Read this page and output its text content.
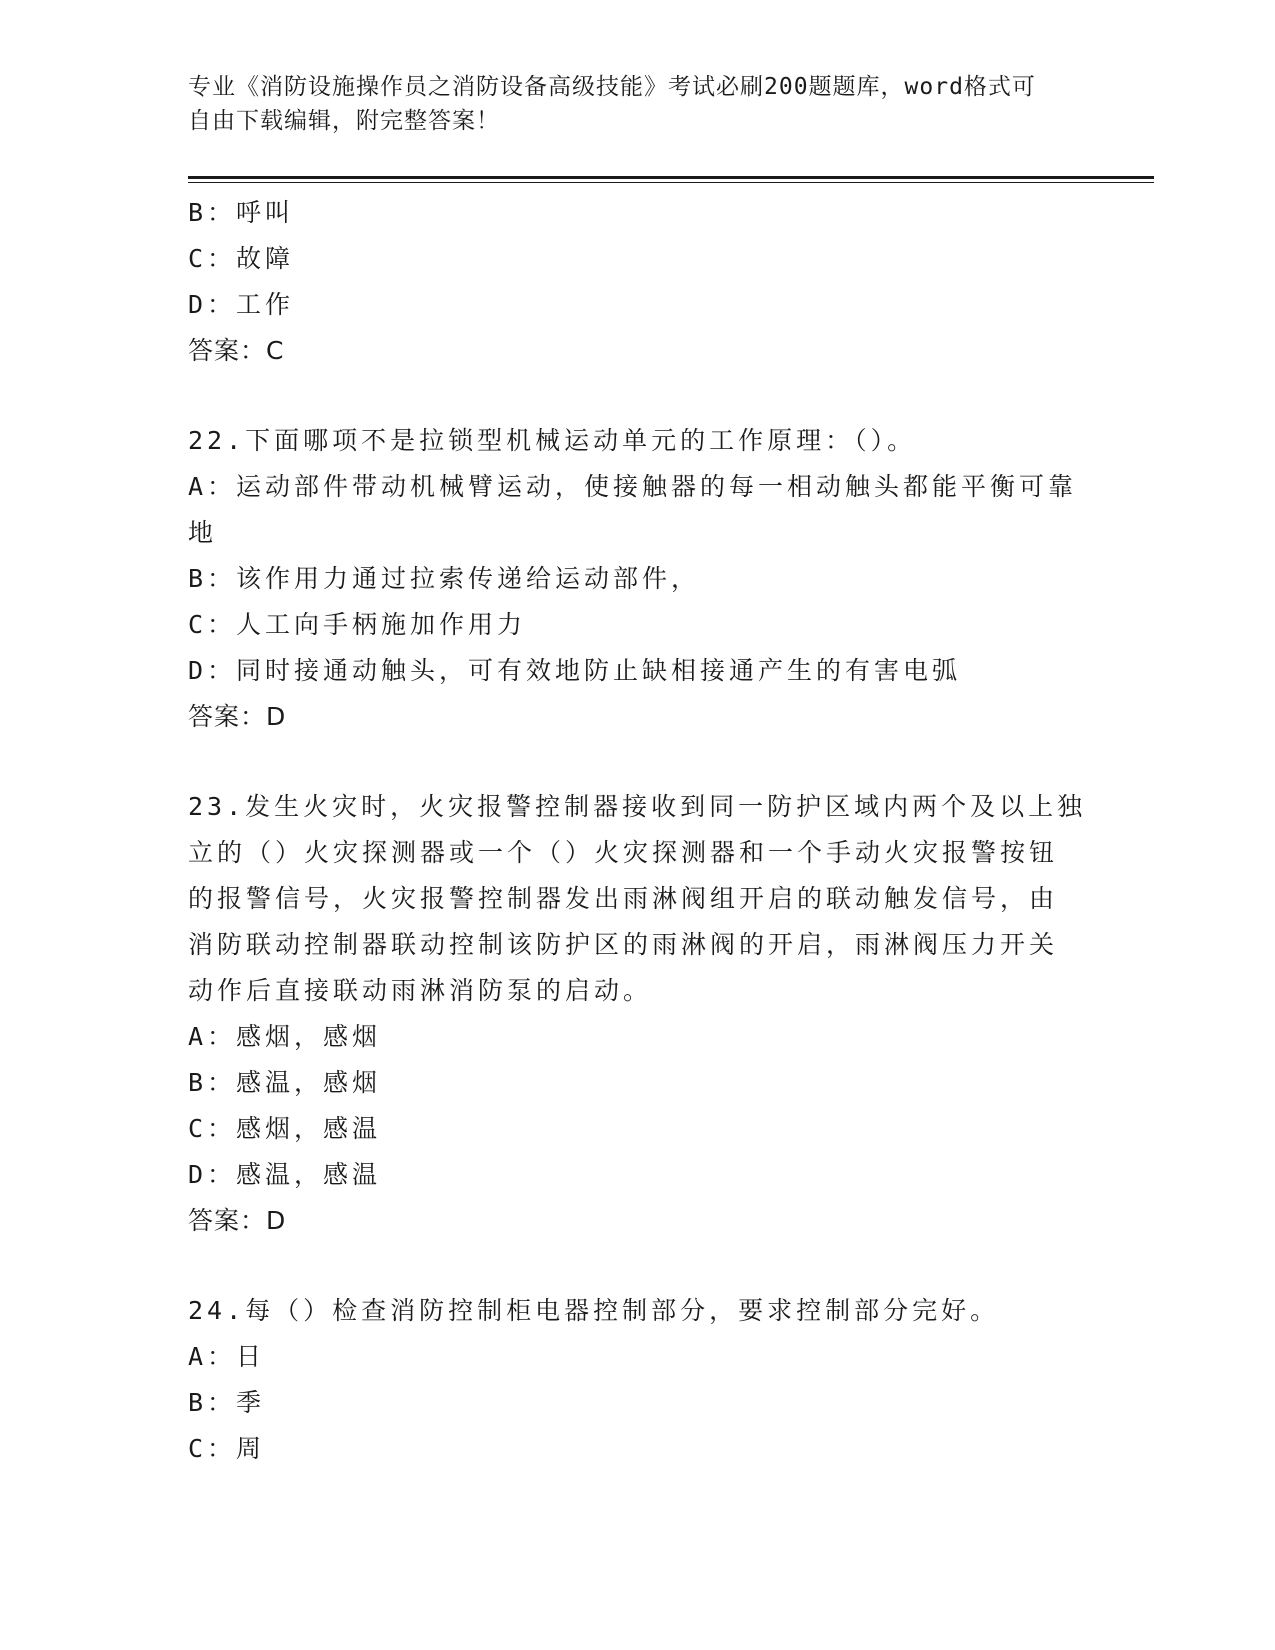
专业《消防设施操作员之消防设备高级技能》考试必刷200题题库，word格式可
自由下载编辑，附完整答案！
B：呼叫
C：故障
D：工作
答案：C
22.下面哪项不是拉锁型机械运动单元的工作原理：（）。
A：运动部件带动机械臂运动，使接触器的每一相动触头都能平衡可靠
地
B：该作用力通过拉索传递给运动部件，
C：人工向手柄施加作用力
D：同时接通动触头，可有效地防止缺相接通产生的有害电弧
答案：D
23.发生火灾时，火灾报警控制器接收到同一防护区域内两个及以上独
立的（）火灾探测器或一个（）火灾探测器和一个手动火灾报警按钮
的报警信号，火灾报警控制器发出雨淋阀组开启的联动触发信号，由
消防联动控制器联动控制该防护区的雨淋阀的开启，雨淋阀压力开关
动作后直接联动雨淋消防泵的启动。
A：感烟，感烟
B：感温，感烟
C：感烟，感温
D：感温，感温
答案：D
24.每（）检查消防控制柜电器控制部分，要求控制部分完好。
A：日
B：季
C：周
